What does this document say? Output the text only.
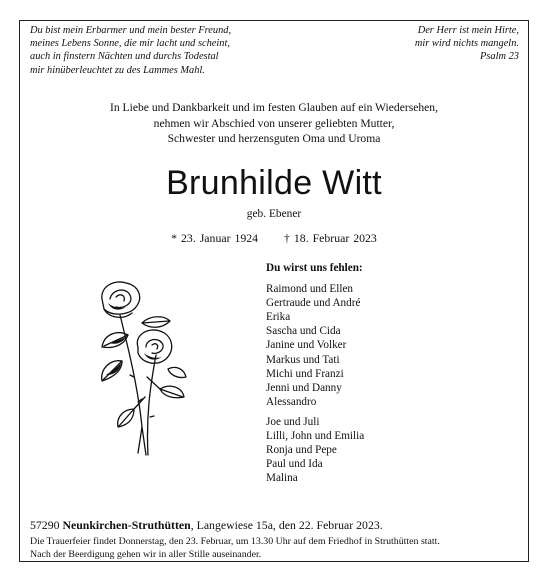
Du bist mein Erbarmer und mein bester Freund,
meines Lebens Sonne, die mir lacht und scheint,
auch in finstern Nächten und durchs Todestal
mir hinüberleuchtet zu des Lammes Mahl.
Der Herr ist mein Hirte,
mir wird nichts mangeln.
Psalm 23
In Liebe und Dankbarkeit und im festen Glauben auf ein Wiedersehen,
nehmen wir Abschied von unserer geliebten Mutter,
Schwester und herzensguten Oma und Uroma
Brunhilde Witt
geb. Ebener
* 23. Januar 1924 † 18. Februar 2023
Du wirst uns fehlen:
Raimond und Ellen
Gertraude und André
Erika
Sascha und Cida
Janine und Volker
Markus und Tati
Michi und Franzi
Jenni und Danny
Alessandro
Joe und Juli
Lilli, John und Emilia
Ronja und Pepe
Paul und Ida
Malina
57290 Neunkirchen-Struthütten, Langewiese 15a, den 22. Februar 2023.
Die Trauerfeier findet Donnerstag, den 23. Februar, um 13.30 Uhr auf dem Friedhof in Struthütten statt.
Nach der Beerdigung gehen wir in aller Stille auseinander.
